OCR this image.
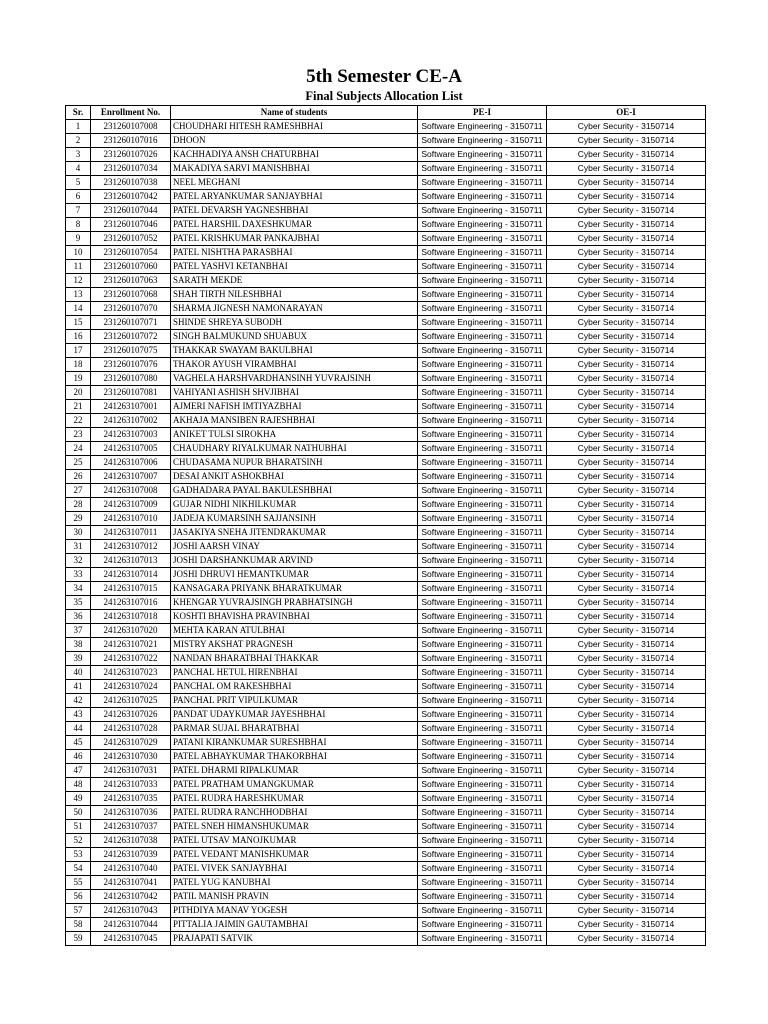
5th Semester CE-A
Final Subjects Allocation List
Sr.	Enrollment No.	Name of students	PE-I	OE-I
1	231260107008	CHOUDHARI HITESH RAMESHBHAI	Software Engineering - 3150711	Cyber Security - 3150714
2	231260107016	DHOON	Software Engineering - 3150711	Cyber Security - 3150714
3	231260107026	KACHHADIYA ANSH CHATURBHAI	Software Engineering - 3150711	Cyber Security - 3150714
4	231260107034	MAKADIYA SARVI MANISHBHAI	Software Engineering - 3150711	Cyber Security - 3150714
5	231260107038	NEEL MEGHANI	Software Engineering - 3150711	Cyber Security - 3150714
6	231260107042	PATEL ARYANKUMAR SANJAYBHAI	Software Engineering - 3150711	Cyber Security - 3150714
7	231260107044	PATEL DEVARSH YAGNESHBHAI	Software Engineering - 3150711	Cyber Security - 3150714
8	231260107046	PATEL HARSHIL DAXESHKUMAR	Software Engineering - 3150711	Cyber Security - 3150714
9	231260107052	PATEL KRISHKUMAR PANKAJBHAI	Software Engineering - 3150711	Cyber Security - 3150714
10	231260107054	PATEL NISHTHA PARASBHAI	Software Engineering - 3150711	Cyber Security - 3150714
11	231260107060	PATEL YASHVI KETANBHAI	Software Engineering - 3150711	Cyber Security - 3150714
12	231260107063	SARATH MEKDE	Software Engineering - 3150711	Cyber Security - 3150714
13	231260107068	SHAH TIRTH NILESHBHAI	Software Engineering - 3150711	Cyber Security - 3150714
14	231260107070	SHARMA JIGNESH NAMONARAYAN	Software Engineering - 3150711	Cyber Security - 3150714
15	231260107071	SHINDE SHREYA SUBODH	Software Engineering - 3150711	Cyber Security - 3150714
16	231260107072	SINGH BALMUKUND SHUABUX	Software Engineering - 3150711	Cyber Security - 3150714
17	231260107075	THAKKAR SWAYAM BAKULBHAI	Software Engineering - 3150711	Cyber Security - 3150714
18	231260107076	THAKOR AYUSH VIRAMBHAI	Software Engineering - 3150711	Cyber Security - 3150714
19	231260107080	VAGHELA HARSHVARDHANSINH YUVRAJSINH	Software Engineering - 3150711	Cyber Security - 3150714
20	231260107081	VAHIYANI ASHISH SHVJIBHAI	Software Engineering - 3150711	Cyber Security - 3150714
21	241263107001	AJMERI NAFISH IMTIYAZBHAI	Software Engineering - 3150711	Cyber Security - 3150714
22	241263107002	AKHAJA MANSIBEN RAJESHBHAI	Software Engineering - 3150711	Cyber Security - 3150714
23	241263107003	ANIKET TULSI SIROKHA	Software Engineering - 3150711	Cyber Security - 3150714
24	241263107005	CHAUDHARY RIYALKUMAR NATHUBHAI	Software Engineering - 3150711	Cyber Security - 3150714
25	241263107006	CHUDASAMA NUPUR BHARATSINH	Software Engineering - 3150711	Cyber Security - 3150714
26	241263107007	DESAI ANKIT ASHOKBHAI	Software Engineering - 3150711	Cyber Security - 3150714
27	241263107008	GADHADARA PAYAL BAKULESHBHAI	Software Engineering - 3150711	Cyber Security - 3150714
28	241263107009	GUJAR NIDHI NIKHILKUMAR	Software Engineering - 3150711	Cyber Security - 3150714
29	241263107010	JADEJA KUMARSINH SAJJANSINH	Software Engineering - 3150711	Cyber Security - 3150714
30	241263107011	JASAKIYA SNEHA JITENDRAKUMAR	Software Engineering - 3150711	Cyber Security - 3150714
31	241263107012	JOSHI AARSH VINAY	Software Engineering - 3150711	Cyber Security - 3150714
32	241263107013	JOSHI DARSHANKUMAR ARVIND	Software Engineering - 3150711	Cyber Security - 3150714
33	241263107014	JOSHI DHRUVI HEMANTKUMAR	Software Engineering - 3150711	Cyber Security - 3150714
34	241263107015	KANSAGARA PRIYANK BHARATKUMAR	Software Engineering - 3150711	Cyber Security - 3150714
35	241263107016	KHENGAR YUVRAJSINGH PRABHATSINGH	Software Engineering - 3150711	Cyber Security - 3150714
36	241263107018	KOSHTI BHAVISHA PRAVINBHAI	Software Engineering - 3150711	Cyber Security - 3150714
37	241263107020	MEHTA KARAN ATULBHAI	Software Engineering - 3150711	Cyber Security - 3150714
38	241263107021	MISTRY AKSHAT PRAGNESH	Software Engineering - 3150711	Cyber Security - 3150714
39	241263107022	NANDAN BHARATBHAI THAKKAR	Software Engineering - 3150711	Cyber Security - 3150714
40	241263107023	PANCHAL HETUL HIRENBHAI	Software Engineering - 3150711	Cyber Security - 3150714
41	241263107024	PANCHAL OM RAKESHBHAI	Software Engineering - 3150711	Cyber Security - 3150714
42	241263107025	PANCHAL PRIT VIPULKUMAR	Software Engineering - 3150711	Cyber Security - 3150714
43	241263107026	PANDAT UDAYKUMAR JAYESHBHAI	Software Engineering - 3150711	Cyber Security - 3150714
44	241263107028	PARMAR SUJAL BHARATBHAI	Software Engineering - 3150711	Cyber Security - 3150714
45	241263107029	PATANI KIRANKUMAR SURESHBHAI	Software Engineering - 3150711	Cyber Security - 3150714
46	241263107030	PATEL ABHAYKUMAR THAKORBHAI	Software Engineering - 3150711	Cyber Security - 3150714
47	241263107031	PATEL DHARMI RIPALKUMAR	Software Engineering - 3150711	Cyber Security - 3150714
48	241263107033	PATEL PRATHAM UMANGKUMAR	Software Engineering - 3150711	Cyber Security - 3150714
49	241263107035	PATEL RUDRA HARESHKUMAR	Software Engineering - 3150711	Cyber Security - 3150714
50	241263107036	PATEL RUDRA RANCHHODBHAI	Software Engineering - 3150711	Cyber Security - 3150714
51	241263107037	PATEL SNEH HIMANSHUKUMAR	Software Engineering - 3150711	Cyber Security - 3150714
52	241263107038	PATEL UTSAV MANOJKUMAR	Software Engineering - 3150711	Cyber Security - 3150714
53	241263107039	PATEL VEDANT MANISHKUMAR	Software Engineering - 3150711	Cyber Security - 3150714
54	241263107040	PATEL VIVEK SANJAYBHAI	Software Engineering - 3150711	Cyber Security - 3150714
55	241263107041	PATEL YUG KANUBHAI	Software Engineering - 3150711	Cyber Security - 3150714
56	241263107042	PATIL MANISH PRAVIN	Software Engineering - 3150711	Cyber Security - 3150714
57	241263107043	PITHDIYA MANAV YOGESH	Software Engineering - 3150711	Cyber Security - 3150714
58	241263107044	PITTALIA JAIMIN GAUTAMBHAI	Software Engineering - 3150711	Cyber Security - 3150714
59	241263107045	PRAJAPATI SATVIK	Software Engineering - 3150711	Cyber Security - 3150714
